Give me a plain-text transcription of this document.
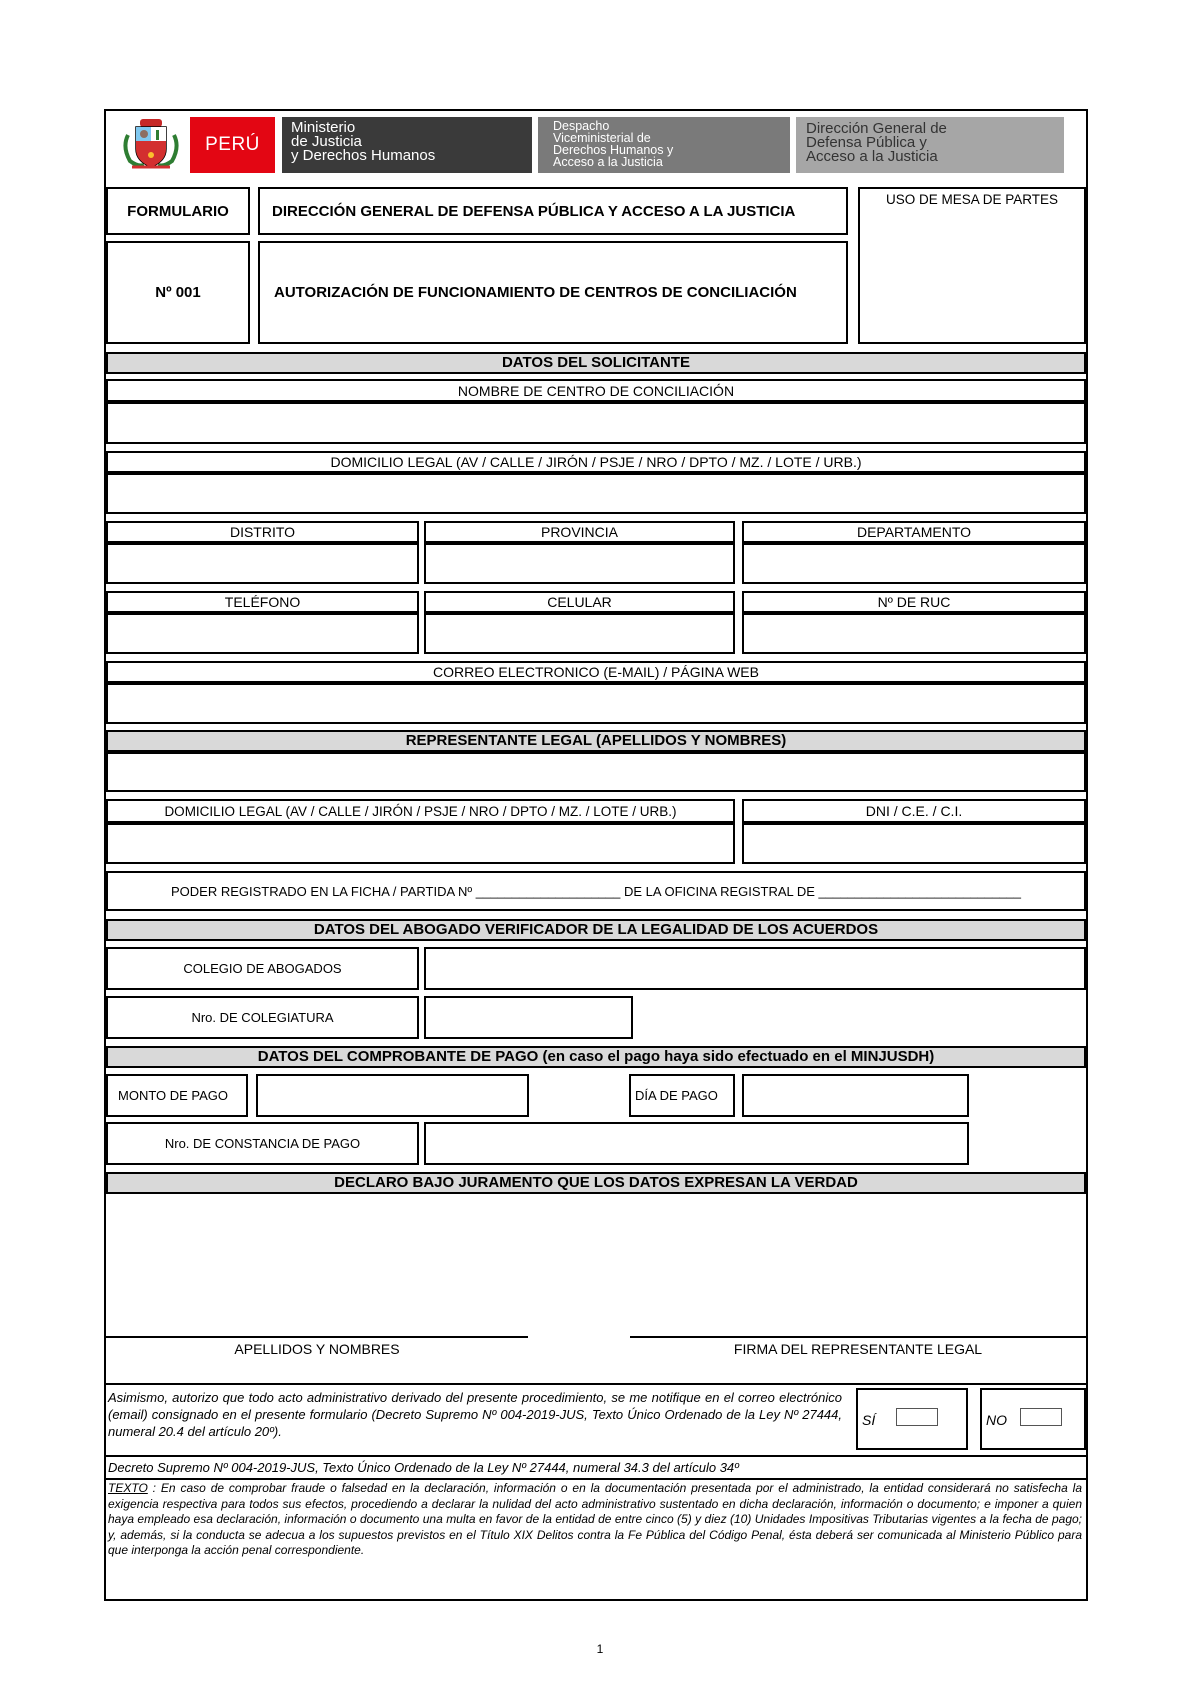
PERÚ
Ministerio
de Justicia
y Derechos Humanos
Despacho
Viceministerial de
Derechos Humanos y
Acceso a la Justicia
Dirección General de
Defensa Pública y
Acceso a la Justicia
FORMULARIO	DIRECCIÓN GENERAL DE DEFENSA PÚBLICA Y ACCESO A LA JUSTICIA
Nº 001	AUTORIZACIÓN DE FUNCIONAMIENTO DE CENTROS DE CONCILIACIÓN
USO DE MESA DE PARTES
DATOS DEL SOLICITANTE
NOMBRE DE CENTRO DE CONCILIACIÓN
DOMICILIO LEGAL (AV / CALLE / JIRÓN / PSJE / NRO / DPTO / MZ. / LOTE / URB.)
DISTRITO	PROVINCIA	DEPARTAMENTO
TELÉFONO	CELULAR	Nº DE RUC
CORREO ELECTRONICO (E-MAIL) / PÁGINA WEB
REPRESENTANTE LEGAL (APELLIDOS Y NOMBRES)
DOMICILIO LEGAL (AV / CALLE / JIRÓN / PSJE / NRO / DPTO / MZ. / LOTE / URB.)	DNI / C.E. / C.I.
PODER REGISTRADO EN LA FICHA / PARTIDA Nº ____________________ DE LA OFICINA REGISTRAL DE ____________________________
DATOS DEL ABOGADO VERIFICADOR DE LA LEGALIDAD DE LOS ACUERDOS
COLEGIO DE ABOGADOS
Nro. DE COLEGIATURA
DATOS DEL COMPROBANTE DE PAGO (en caso el pago haya sido efectuado en el MINJUSDH)
MONTO DE PAGO	DÍA DE PAGO
Nro. DE CONSTANCIA DE PAGO
DECLARO BAJO JURAMENTO QUE LOS DATOS EXPRESAN LA VERDAD
APELLIDOS Y NOMBRES	FIRMA DEL REPRESENTANTE LEGAL
Asimismo, autorizo que todo acto administrativo derivado del presente procedimiento, se me notifique en el correo electrónico (email) consignado en el presente formulario (Decreto Supremo Nº 004-2019-JUS, Texto Único Ordenado de la Ley Nº 27444, numeral 20.4 del artículo 20º).
SÍ	NO
Decreto Supremo Nº 004-2019-JUS, Texto Único Ordenado de la Ley Nº 27444, numeral 34.3 del artículo 34º
TEXTO : En caso de comprobar fraude o falsedad en la declaración, información o en la documentación presentada por el administrado, la entidad considerará no satisfecha la exigencia respectiva para todos sus efectos, procediendo a declarar la nulidad del acto administrativo sustentado en dicha declaración, información o documento; e imponer a quien haya empleado esa declaración, información o documento una multa en favor de la entidad de entre cinco (5) y diez (10) Unidades Impositivas Tributarias vigentes a la fecha de pago; y, además, si la conducta se adecua a los supuestos previstos en el Título XIX Delitos contra la Fe Pública del Código Penal, ésta deberá ser comunicada al Ministerio Público para que interponga la acción penal correspondiente.
1
